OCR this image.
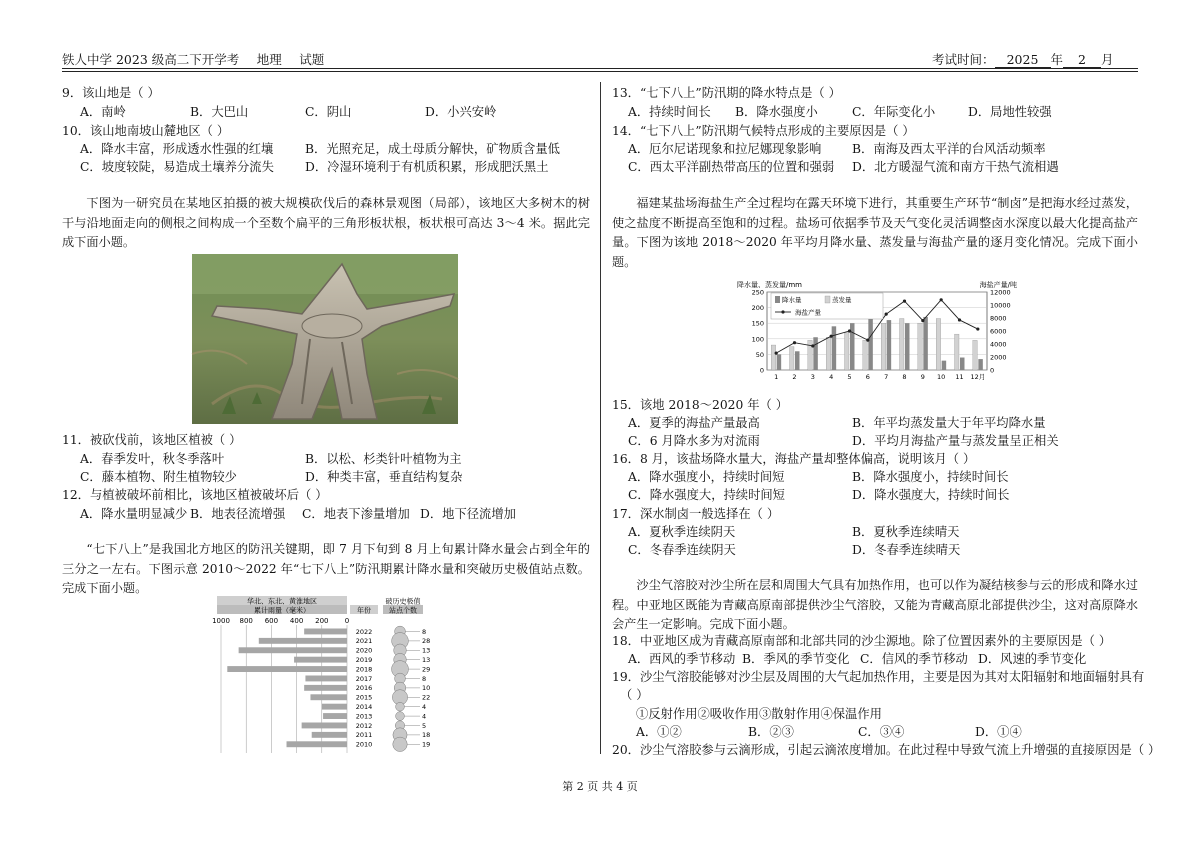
铁人中学 2023 级高二下开学考 地理 试题	考试时间： 2025 年 2 月
9．该山地是（ ）
A．南岭	B．大巴山	C．阴山	D．小兴安岭
10．该山地南坡山麓地区（ ）
A．降水丰富，形成透水性强的红壤	B．光照充足，成土母质分解快，矿物质含量低
C．坡度较陡，易造成土壤养分流失	D．冷湿环境利于有机质积累，形成肥沃黑土
下图为一研究员在某地区拍摄的被大规模砍伐后的森林景观图（局部），该地区大多树木的树干与沿地面走向的侧根之间构成一个至数个扁平的三角形板状根，板状根可高达 3～4 米。据此完成下面小题。
11．被砍伐前，该地区植被（ ）
A．春季发叶，秋冬季落叶	B．以松、杉类针叶植物为主
C．藤本植物、附生植物较少	D．种类丰富，垂直结构复杂
12．与植被破坏前相比，该地区植被破坏后（ ）
A．降水量明显减少 B．地表径流增强 C．地表下渗量增加 D．地下径流增加
“七下八上”是我国北方地区的防汛关键期，即 7 月下旬到 8 月上旬累计降水量会占到全年的三分之一左右。下图示意 2010～2022 年“七下八上”防汛期累计降水量和突破历史极值站点数。完成下面小题。
华北、东北、黄淮地区
累计雨量（毫米）	年份
破历史极值
站点个数
1000 800 600 400 200 0
2022	8
2021	28
2020	13
2019	13
2018	29
2017	8
2016	10
2015	22
2014	4
2013	4
2012	5
2011	18
2010	19
13．“七下八上”防汛期的降水特点是（ ）
A．持续时间长 B．降水强度小	C．年际变化小	D．局地性较强
14．“七下八上”防汛期气候特点形成的主要原因是（ ）
A．厄尔尼诺现象和拉尼娜现象影响 B．南海及西太平洋的台风活动频率
C．西太平洋副热带高压的位置和强弱 D．北方暖湿气流和南方干热气流相遇
福建某盐场海盐生产全过程均在露天环境下进行，其重要生产环节“制卤”是把海水经过蒸发，使之盐度不断提高至饱和的过程。盐场可依据季节及天气变化灵活调整卤水深度以最大化提高盐产量。下图为该地 2018～2020 年平均月降水量、蒸发量与海盐产量的逐月变化情况。完成下面小题。
降水量、蒸发量/mm	海盐产量/吨
0
50
100
150
200
250
0
2000
4000
6000
8000
10000
12000
1 2 3 4 5 6 7 8 9 10 11 12月
降水量	蒸发量
海盐产量
15．该地 2018～2020 年（ ）
A．夏季的海盐产量最高	B．年平均蒸发量大于年平均降水量
C．6 月降水多为对流雨	D．平均月海盐产量与蒸发量呈正相关
16．8 月，该盐场降水量大，海盐产量却整体偏高，说明该月（ ）
A．降水强度小，持续时间短	B．降水强度小，持续时间长
C．降水强度大，持续时间短	D．降水强度大，持续时间长
17．深水制卤一般选择在（ ）
A．夏秋季连续阴天	B．夏秋季连续晴天
C．冬春季连续阴天	D．冬春季连续晴天
沙尘气溶胶对沙尘所在层和周围大气具有加热作用，也可以作为凝结核参与云的形成和降水过程。中亚地区既能为青藏高原南部提供沙尘气溶胶，又能为青藏高原北部提供沙尘，这对高原降水会产生一定影响。完成下面小题。
18．中亚地区成为青藏高原南部和北部共同的沙尘源地。除了位置因素外的主要原因是（ ）
A．西风的季节移动 B．季风的季节变化 C．信风的季节移动 D．风速的季节变化
19．沙尘气溶胶能够对沙尘层及周围的大气起加热作用，主要是因为其对太阳辐射和地面辐射具有
（ ）
①反射作用②吸收作用③散射作用④保温作用
A．①②	B．②③	C．③④	D．①④
20．沙尘气溶胶参与云滴形成，引起云滴浓度增加。在此过程中导致气流上升增强的直接原因是（ ）
第 2 页 共 4 页
